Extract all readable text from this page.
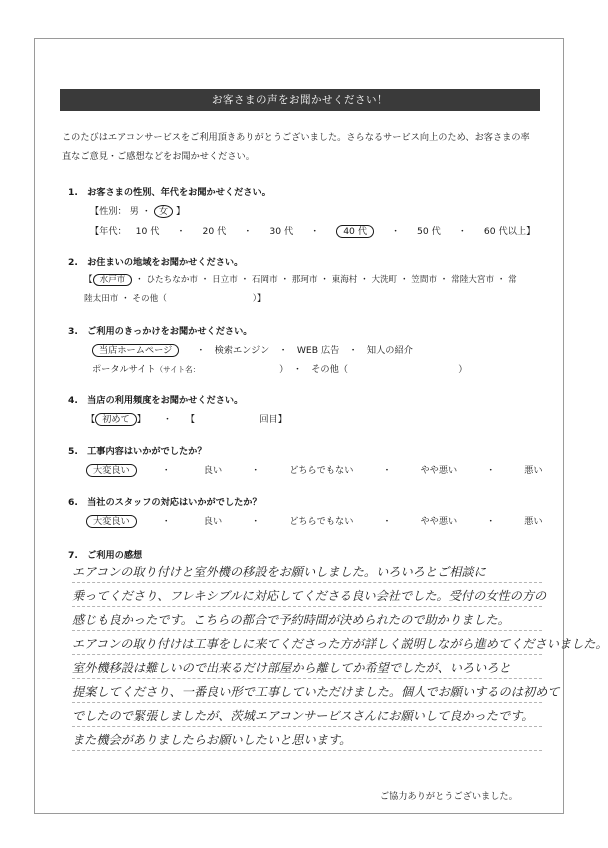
お客さまの声をお聞かせください！
このたびはエアコンサービスをご利用頂きありがとうございました。さらなるサービス向上のため、お客さまの率
直なご意見・ご感想などをお聞かせください。
1.　お客さまの性別、年代をお聞かせください。
【性別： 男 ・ 女 】
【年代： 10 代 ・ 20 代 ・ 30 代 ・	40 代	・ 50 代 ・ 60 代以上】
2.　お住まいの地域をお聞かせください。
【 水戸市 ・ ひたちなか市 ・ 日立市 ・ 石岡市 ・ 那珂市 ・ 東海村 ・ 大洗町 ・ 笠間市 ・ 常陸大宮市 ・ 常
陸太田市 ・ その他（　　　　　　　　　　）】
3.　ご利用のきっかけをお聞かせください。
当店ホームページ	・　検索エンジン　・　WEB 広告　・　知人の紹介
ポータルサイト（サイト名：　　　　　　　　　）　・　その他（　　　　　　　　　　　　）
4.　当店の利用頻度をお聞かせください。
【 初めて 】 ・　　【　　　　　　　回目】
5.　工事内容はいかがでしたか？
大変良い	・	良い	・	どちらでもない	・	やや悪い	・	悪い
6.　当社のスタッフの対応はいかがでしたか？
大変良い	・	良い	・	どちらでもない	・	やや悪い	・	悪い
7.　ご利用の感想
エアコンの取り付けと室外機の移設をお願いしました。いろいろとご相談に
乗ってくださり、フレキシブルに対応してくださる良い会社でした。受付の女性の方の
感じも良かったです。こちらの都合で予約時間が決められたので助かりました。
エアコンの取り付けは工事をしに来てくださった方が詳しく説明しながら進めてくださいました。
室外機移設は難しいので出来るだけ部屋から離してか希望でしたが、いろいろと
提案してくださり、一番良い形で工事していただけました。個人でお願いするのは初めて
でしたので緊張しましたが、茨城エアコンサービスさんにお願いして良かったです。
また機会がありましたらお願いしたいと思います。
ご協力ありがとうございました。
